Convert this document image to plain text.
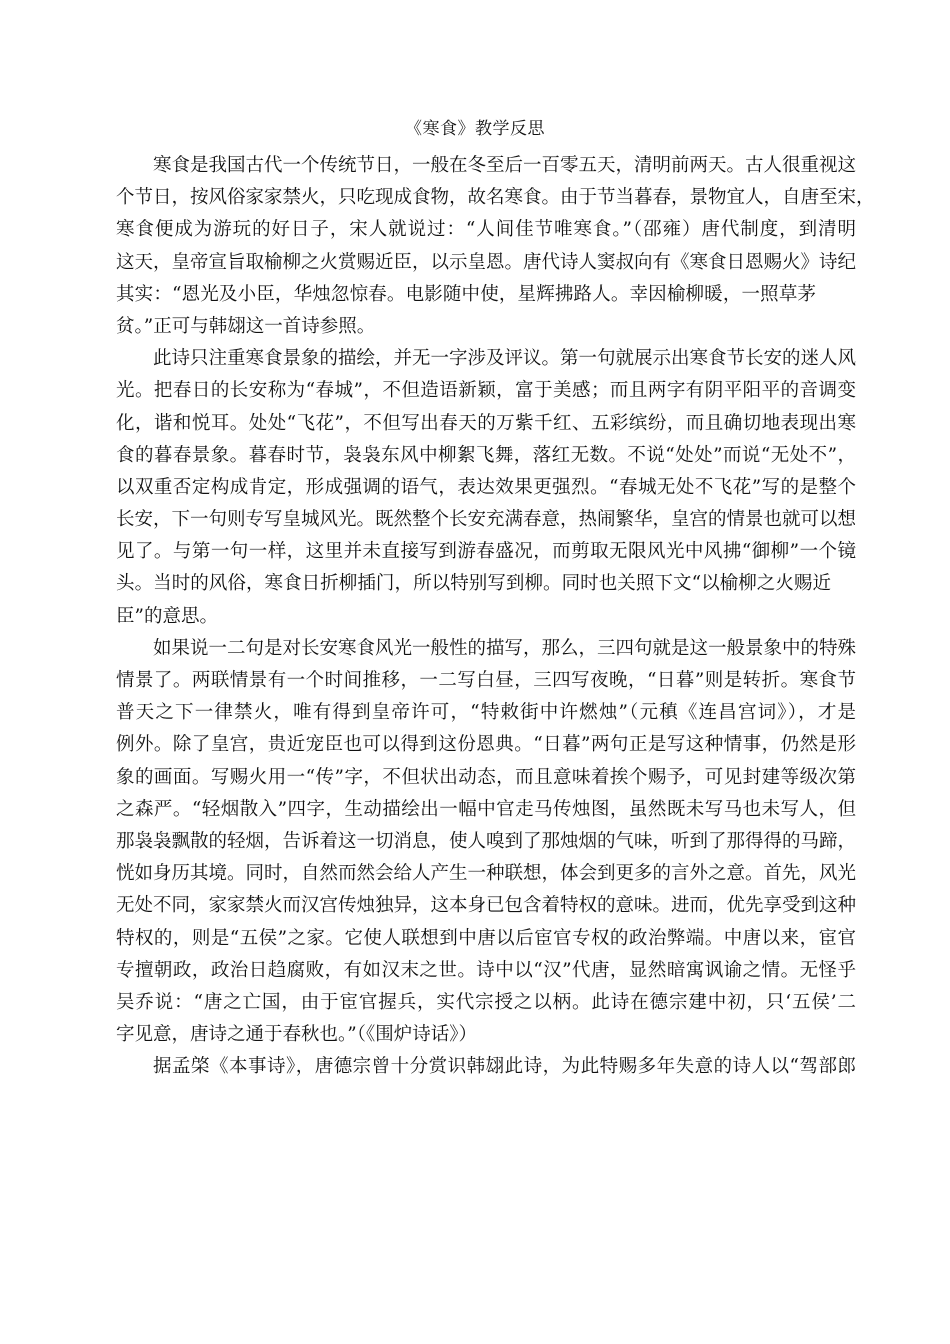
《寒食》教学反思
寒食是我国古代一个传统节日，一般在冬至后一百零五天，清明前两天。古人很重视这
个节日，按风俗家家禁火，只吃现成食物，故名寒食。由于节当暮春，景物宜人，自唐至宋，
寒食便成为游玩的好日子，宋人就说过：“人间佳节唯寒食。”（邵雍）唐代制度，到清明
这天，皇帝宣旨取榆柳之火赏赐近臣，以示皇恩。唐代诗人窦叔向有《寒食日恩赐火》诗纪
其实：“恩光及小臣，华烛忽惊春。电影随中使，星辉拂路人。幸因榆柳暖，一照草茅
贫。”正可与韩翃这一首诗参照。
此诗只注重寒食景象的描绘，并无一字涉及评议。第一句就展示出寒食节长安的迷人风
光。把春日的长安称为“春城”，不但造语新颖，富于美感；而且两字有阴平阳平的音调变
化，谐和悦耳。处处“飞花”，不但写出春天的万紫千红、五彩缤纷，而且确切地表现出寒
食的暮春景象。暮春时节，袅袅东风中柳絮飞舞，落红无数。不说“处处”而说“无处不”，
以双重否定构成肯定，形成强调的语气，表达效果更强烈。“春城无处不飞花”写的是整个
长安，下一句则专写皇城风光。既然整个长安充满春意，热闹繁华，皇宫的情景也就可以想
见了。与第一句一样，这里并未直接写到游春盛况，而剪取无限风光中风拂“御柳”一个镜
头。当时的风俗，寒食日折柳插门，所以特别写到柳。同时也关照下文“以榆柳之火赐近
臣”的意思。
如果说一二句是对长安寒食风光一般性的描写，那么，三四句就是这一般景象中的特殊
情景了。两联情景有一个时间推移，一二写白昼，三四写夜晚，“日暮”则是转折。寒食节
普天之下一律禁火，唯有得到皇帝许可，“特敕街中许燃烛”（元稹《连昌宫词》），才是
例外。除了皇宫，贵近宠臣也可以得到这份恩典。“日暮”两句正是写这种情事，仍然是形
象的画面。写赐火用一“传”字，不但状出动态，而且意味着挨个赐予，可见封建等级次第
之森严。“轻烟散入”四字，生动描绘出一幅中官走马传烛图，虽然既未写马也未写人，但
那袅袅飘散的轻烟，告诉着这一切消息，使人嗅到了那烛烟的气味，听到了那得得的马蹄，
恍如身历其境。同时，自然而然会给人产生一种联想，体会到更多的言外之意。首先，风光
无处不同，家家禁火而汉宫传烛独异，这本身已包含着特权的意味。进而，优先享受到这种
特权的，则是“五侯”之家。它使人联想到中唐以后宦官专权的政治弊端。中唐以来，宦官
专擅朝政，政治日趋腐败，有如汉末之世。诗中以“汉”代唐，显然暗寓讽谕之情。无怪乎
吴乔说：“唐之亡国，由于宦官握兵，实代宗授之以柄。此诗在德宗建中初，只‘五侯’二
字见意，唐诗之通于春秋也。”（《围炉诗话》）
据孟棨《本事诗》，唐德宗曾十分赏识韩翃此诗，为此特赐多年失意的诗人以“驾部郎
